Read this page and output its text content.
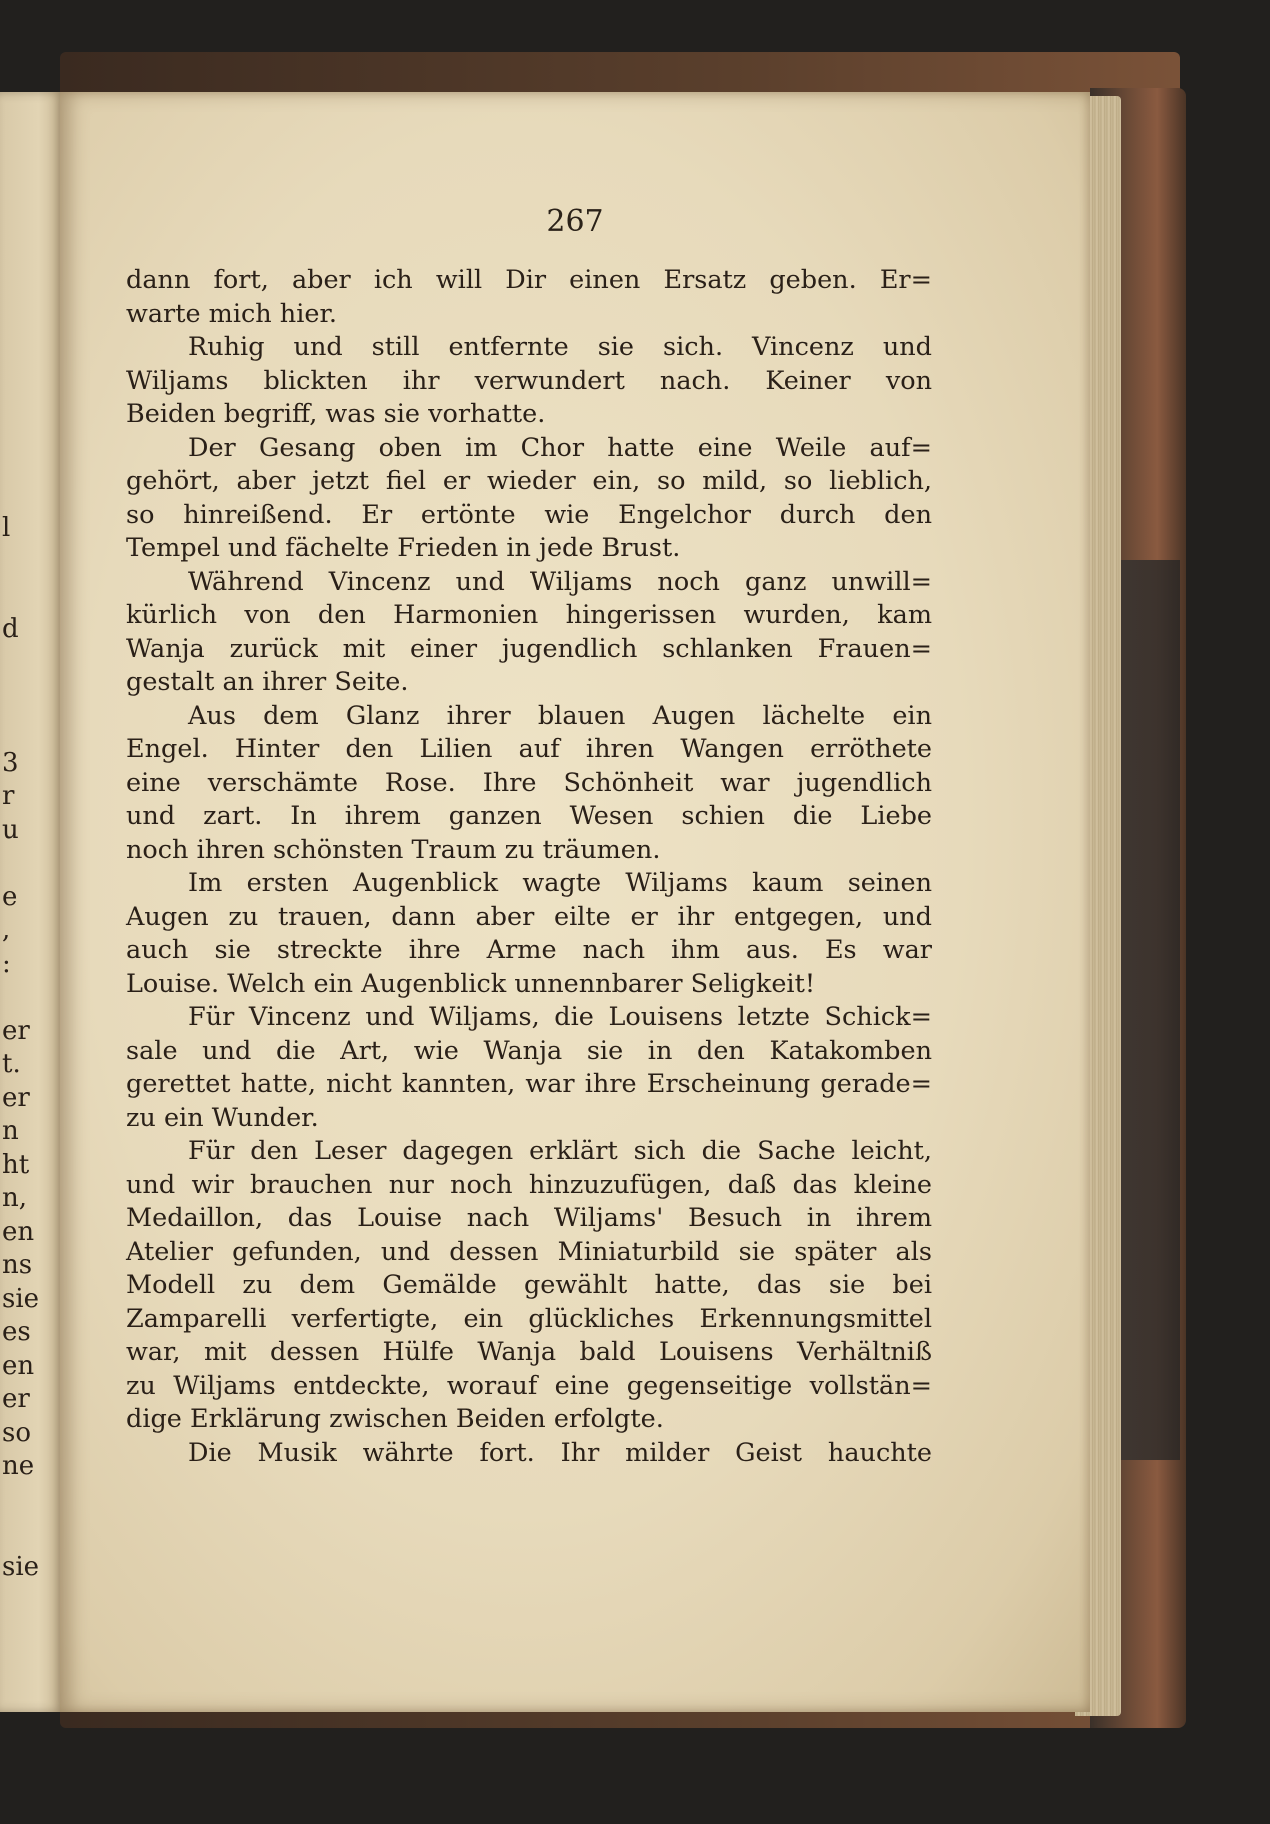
l
d
3
r
u
e
,
:
er
t.
er
n
ht
n,
en
ns
sie
es
en
er
so
ne
sie
267
dann fort, aber ich will Dir einen Ersatz geben. Er=
warte mich hier.
Ruhig und still entfernte sie sich. Vincenz und
Wiljams blickten ihr verwundert nach. Keiner von
Beiden begriff, was sie vorhatte.
Der Gesang oben im Chor hatte eine Weile auf=
gehört, aber jetzt fiel er wieder ein, so mild, so lieblich,
so hinreißend. Er ertönte wie Engelchor durch den
Tempel und fächelte Frieden in jede Brust.
Während Vincenz und Wiljams noch ganz unwill=
kürlich von den Harmonien hingerissen wurden, kam
Wanja zurück mit einer jugendlich schlanken Frauen=
gestalt an ihrer Seite.
Aus dem Glanz ihrer blauen Augen lächelte ein
Engel. Hinter den Lilien auf ihren Wangen erröthete
eine verschämte Rose. Ihre Schönheit war jugendlich
und zart. In ihrem ganzen Wesen schien die Liebe
noch ihren schönsten Traum zu träumen.
Im ersten Augenblick wagte Wiljams kaum seinen
Augen zu trauen, dann aber eilte er ihr entgegen, und
auch sie streckte ihre Arme nach ihm aus. Es war
Louise. Welch ein Augenblick unnennbarer Seligkeit!
Für Vincenz und Wiljams, die Louisens letzte Schick=
sale und die Art, wie Wanja sie in den Katakomben
gerettet hatte, nicht kannten, war ihre Erscheinung gerade=
zu ein Wunder.
Für den Leser dagegen erklärt sich die Sache leicht,
und wir brauchen nur noch hinzuzufügen, daß das kleine
Medaillon, das Louise nach Wiljams' Besuch in ihrem
Atelier gefunden, und dessen Miniaturbild sie später als
Modell zu dem Gemälde gewählt hatte, das sie bei
Zamparelli verfertigte, ein glückliches Erkennungsmittel
war, mit dessen Hülfe Wanja bald Louisens Verhältniß
zu Wiljams entdeckte, worauf eine gegenseitige vollstän=
dige Erklärung zwischen Beiden erfolgte.
Die Musik währte fort. Ihr milder Geist hauchte
